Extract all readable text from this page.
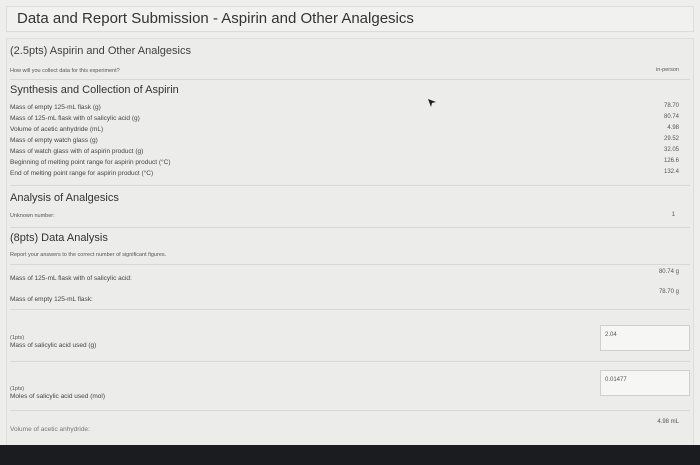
Data and Report Submission - Aspirin and Other Analgesics
(2.5pts) Aspirin and Other Analgesics
How will you collect data for this experiment?	in-person
Synthesis and Collection of Aspirin
Mass of empty 125-mL flask (g)
Mass of 125-mL flask with of salicylic acid (g)
Volume of acetic anhydride (mL)
Mass of empty watch glass (g)
Mass of watch glass with of aspirin product (g)
Beginning of melting point range for aspirin product (°C)
End of melting point range for aspirin product (°C)
78.70
80.74
4.98
29.52
32.05
126.6
132.4
Analysis of Analgesics
Unknown number:	1
(8pts) Data Analysis
Report your answers to the correct number of significant figures.
Mass of 125-mL flask with of salicylic acid:
80.74 g
Mass of empty 125-mL flask:
78.70 g
(1pts)
Mass of salicylic acid used (g)
2.04
(1pts)
Moles of salicylic acid used (mol)
0.01477
Volume of acetic anhydride:
4.98 mL
